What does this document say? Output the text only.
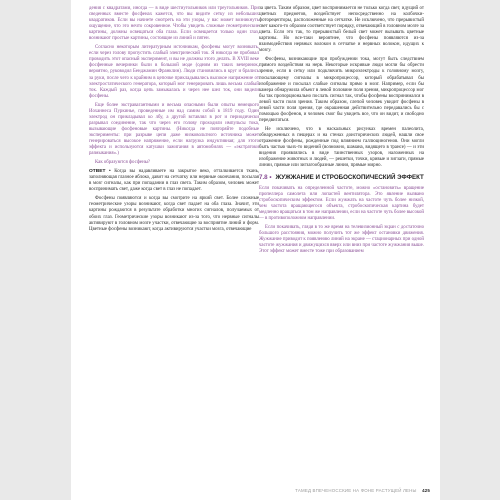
дения с квадратами, иногда — в виде шестиугольников или треугольников. При сведенных вместе фосфенах кажется, что вы видите сетку из небольших квадратиков. Если вы начнете смотреть на эти узоры, у вас может возникнуть ощущение, что это нечто сокровенное. Чтобы увидеть сложные геометрические картины, должны освещаться оба глаза. Если освещается только один глаз, возникают простые картины, состоящие из линий и пятен.

Согласно некоторым литературным источникам, фосфены могут возникать, если через голову пропустить слабый электрический ток. Я никогда не пробовал проводить этот опасный эксперимент, и вы не должны этого делать. В XVIII веке фосфенные вечеринки были в большой моде (одним из таких вечеринок, вероятно, руководил Бенджамин Франклин). Люди становились в круг и брались за руки, после чего к крайним в цепочке прикладывались высокое напряжение от электростатического генератора, который мог генерировать лишь весьма слабый ток. Каждый раз, когда цепь замыкалась и через нее шел ток, они видели фосфены.

Еще более экстравагантными и весьма опасными были опыты немецкого Иоханнеса Пуркинье, проведенные им над самим собой в 1819 году. Один электрод он прикладывал ко лбу, а другой вставлял в рот и периодически разрывал соединение, так что через его голову проходили импульсы тока, вызывающие фосфеновые картины. (Никогда не повторяйте подобные эксперименты: при разрыве цепи даже низковольтного источника может генерироваться высокое напряжение, если нагрузка индуктивная; для этого эффекта и используются катушки зажигания в автомобилях — «экстратоки размыкания».)

Как образуются фосфены?

ОТВЕТ • Когда вы надавливаете на закрытое веко, отталкивается ткань, заполняющая глазное яблоко, давит на сетчатку или нервные окончания, посылая в мозг сигналы, как при попадании в глаз света. Таким образом, человек может воспринимать свет, даже когда свет в глаз не попадает.

Фосфены появляются и когда вы смотрите на яркий свет. Более сложные геометрические узоры возникают, когда свет падает на оба глаза. Значит, эти картины рождаются в результате обработки многих сигналов, получаемых от обоих глаз. Геометрические узоры возникают из-за того, что нервные сигналы активируют в головном мозге участки, отвечающие за восприятие линий и форм. Цветные фосфены возникают, когда активируются участки мозга, отвечающие

за цвета. Таким образом, цвет воспринимается не только когда свет, идущий от цветных предметов, воздействует непосредственно на колбочки-фоторецепторы, расположенные на сетчатке. Не исключено, что прерывистый свет какого-то образом соответствует порядку, отвечающий в головном мозге за цвета. Если это так, то прерывистый белый свет может вызывать цветные картины. Но все-таки вероятнее, что фосфены появляются из-за взаимодействия нервных волокон в сетчатке и нервных волокон, идущих к мозгу.

Фосфены, возникающие при пробуждении тока, могут быть следствием прямого воздействия на нерв. Некоторые искривые люди могли бы обрести зрение, если в сетку или подключить микроэлектроды к головному мозгу, посылающему сигналы в микропроцессор, который обрабатывал бы изображение и посылал слабые сигналы прямо в мозг. Например, если бы камера обнаружила объект в левой половине поля зрения, микропроцессор мог бы так пропорционально послать сигнал так, чтобы фосфены воспринимался в левой части поля зрения. Таким образом, слепой человек увидит фосфены в левой части поля зрения, где окрашенная действительно передавались бы с помощью фосфенов, и человек смог бы увидеть все, что он видит, и свободно передвигаться.

Не исключено, что в наскальных рисунках времен палеолита, обнаруженных в пещерах и на стенах доисторических людей, нашли свое отражение фосфены, рожденные под влиянием галлюциногенов. Они могли быть частью чьих-то видений (возможно, шамана, видящего в трансе) — и эти видения проявлялись в виде таинственных узоров, наложенных на изображение животных и людей, — решетки, точки, кривые и зигзаги, прямые линии, прямые или зигзагообразные линии, прямые мирно.

7.8 • ЖУЖЖАНИЕ И СТРОБОСКОПИЧЕСКИЙ ЭФФЕКТ

Если покачивать на определенной частоте, можно «остановить» вращение пропеллера самолета или лопастей вентилятора. Это явление вызвано стробоскопическим эффектом. Если жужжать на частоте чуть более низкой, чем частота вращающегося объекта, стробоскопическая картина будет медленно вращаться в том же направлении, если на частоте чуть более высокой — в противоположном направлении.

Если покачивать, глядя в то же время на телевизионный экран с достаточно большого расстояния, можно получить тот же эффект остановки движения. Жужжание приводит к появлению линий на экране — стационарных при одной частоте жужжания и движущихся вверх или вниз при частоте жужжания выше. Этот эффект может вместе тоже при образованием

ТАМЕД ВПЕЧЕНОССКИЕ НА ФОНЕ РАСТУЩЕЙ ЛЕНЫ 425
